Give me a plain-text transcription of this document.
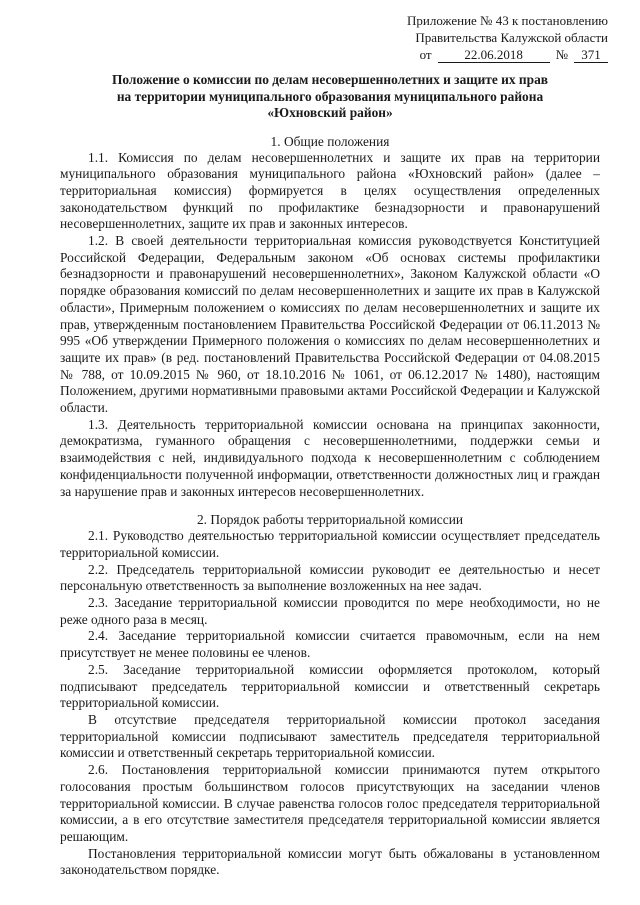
Приложение № 43 к постановлению
Правительства Калужской области
от	22.06.2018	№	371
Положение о комиссии по делам несовершеннолетних и защите их прав
на территории муниципального образования муниципального района
«Юхновский район»
1. Общие положения

1.1. Комиссия по делам несовершеннолетних и защите их прав на территории муниципального образования муниципального района «Юхновский район» (далее – территориальная комиссия) формируется в целях осуществления определенных законодательством функций по профилактике безнадзорности и правонарушений несовершеннолетних, защите их прав и законных интересов.

1.2. В своей деятельности территориальная комиссия руководствуется Конституцией Российской Федерации, Федеральным законом «Об основах системы профилактики безнадзорности и правонарушений несовершеннолетних», Законом Калужской области «О порядке образования комиссий по делам несовершеннолетних и защите их прав в Калужской области», Примерным положением о комиссиях по делам несовершеннолетних и защите их прав, утвержденным постановлением Правительства Российской Федерации от 06.11.2013 № 995 «Об утверждении Примерного положения о комиссиях по делам несовершеннолетних и защите их прав» (в ред. постановлений Правительства Российской Федерации от 04.08.2015 № 788, от 10.09.2015 № 960, от 18.10.2016 № 1061, от 06.12.2017 № 1480), настоящим Положением, другими нормативными правовыми актами Российской Федерации и Калужской области.

1.3. Деятельность территориальной комиссии основана на принципах законности, демократизма, гуманного обращения с несовершеннолетними, поддержки семьи и взаимодействия с ней, индивидуального подхода к несовершеннолетним с соблюдением конфиденциальности полученной информации, ответственности должностных лиц и граждан за нарушение прав и законных интересов несовершеннолетних.

2. Порядок работы территориальной комиссии

2.1. Руководство деятельностью территориальной комиссии осуществляет председатель территориальной комиссии.

2.2. Председатель территориальной комиссии руководит ее деятельностью и несет персональную ответственность за выполнение возложенных на нее задач.

2.3. Заседание территориальной комиссии проводится по мере необходимости, но не реже одного раза в месяц.

2.4. Заседание территориальной комиссии считается правомочным, если на нем присутствует не менее половины ее членов.

2.5. Заседание территориальной комиссии оформляется протоколом, который подписывают председатель территориальной комиссии и ответственный секретарь территориальной комиссии.

В отсутствие председателя территориальной комиссии протокол заседания территориальной комиссии подписывают заместитель председателя территориальной комиссии и ответственный секретарь территориальной комиссии.

2.6. Постановления территориальной комиссии принимаются путем открытого голосования простым большинством голосов присутствующих на заседании членов территориальной комиссии. В случае равенства голосов голос председателя территориальной комиссии, а в его отсутствие заместителя председателя территориальной комиссии является решающим.

Постановления территориальной комиссии могут быть обжалованы в установленном законодательством порядке.
